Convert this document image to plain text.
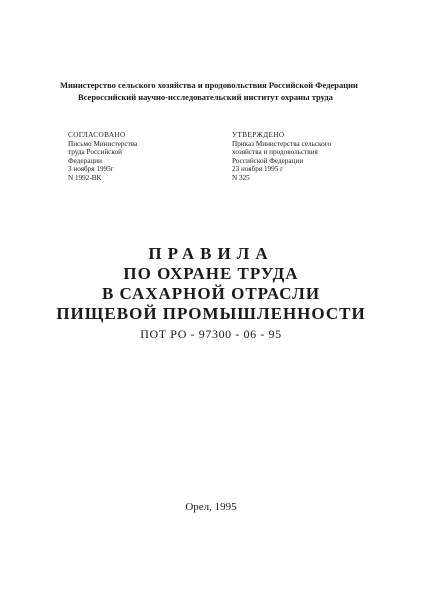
Министерство сельского хозяйства и продовольствия Российской Федерации
Всероссийский научно-исследовательский институт охраны труда
СОГЛАСОВАНО
Письмо Министерства
труда Российской
Федерации
3 ноября 1995г
N 1992-ВК
УТВЕРЖДЕНО
Приказ Министерства сельского
хозяйства и продовольствия
Российской Федерации
23 ноября 1995 г
N 325
ПРАВИЛА
ПО ОХРАНЕ ТРУДА
В САХАРНОЙ ОТРАСЛИ
ПИЩЕВОЙ ПРОМЫШЛЕННОСТИ
ПОТ РО - 97300 - 06 - 95
Орел, 1995
